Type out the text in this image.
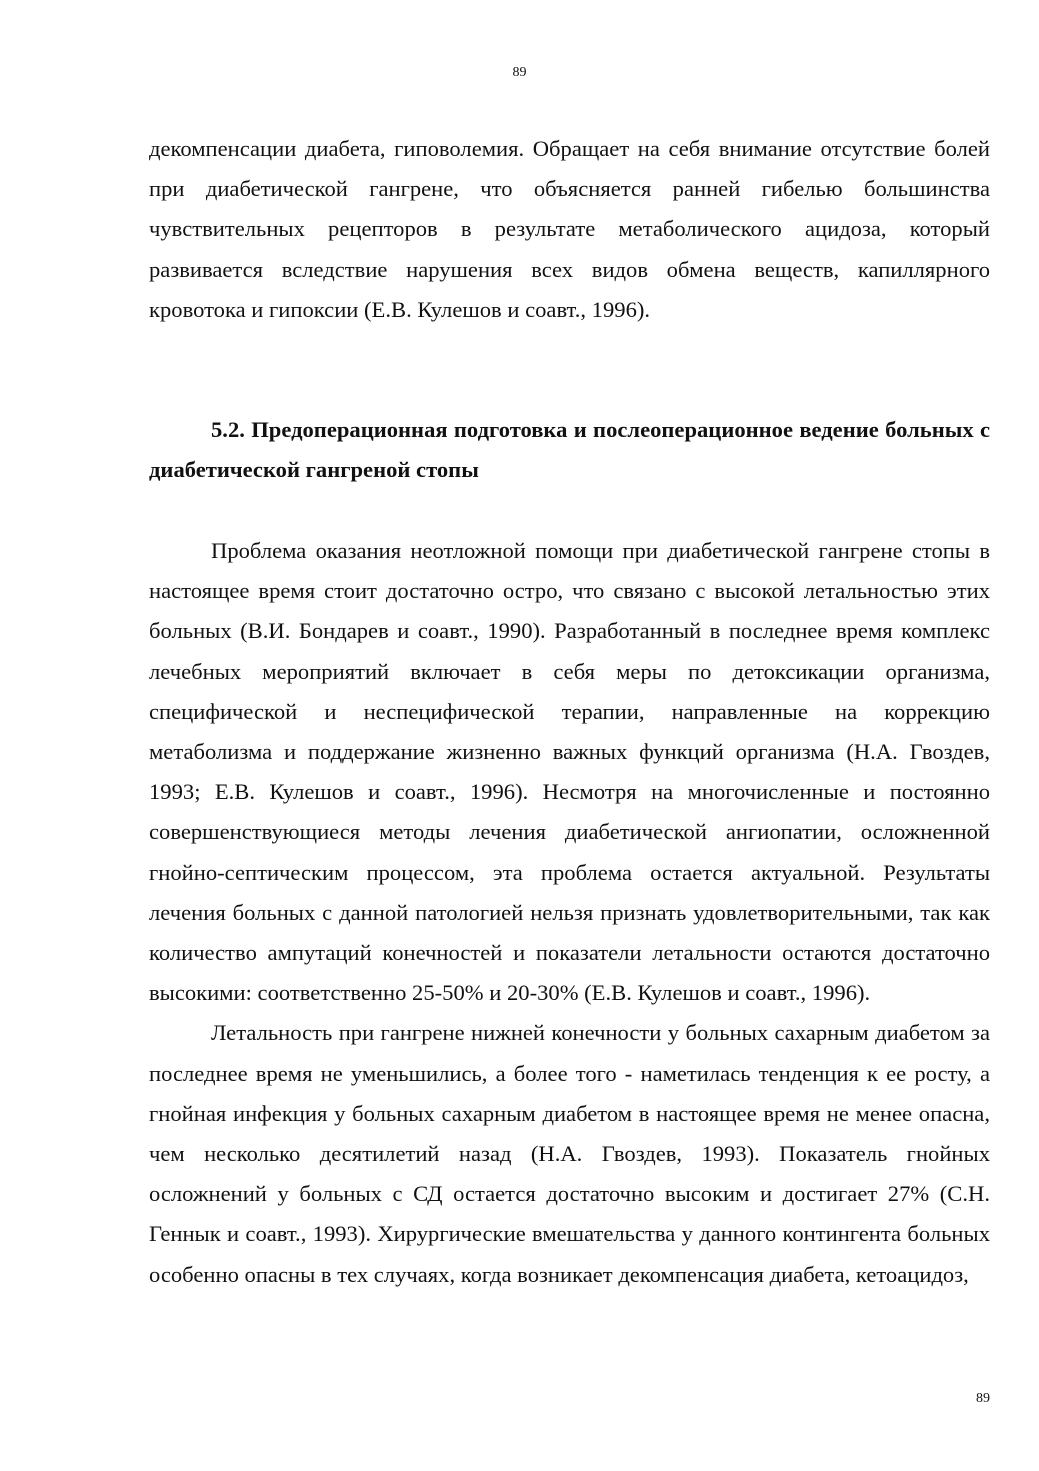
89

декомпенсации диабета, гиповолемия. Обращает на себя внимание отсутствие болей при диабетической гангрене, что объясняется ранней гибелью большинства чувствительных рецепторов в результате метаболического ацидоза, который развивается вследствие нарушения всех видов обмена веществ, капиллярного кровотока и гипоксии (Е.В. Кулешов и соавт., 1996).

5.2. Предоперационная подготовка и послеоперационное ведение больных с диабетической гангреной стопы

Проблема оказания неотложной помощи при диабетической гангрене стопы в настоящее время стоит достаточно остро, что связано с высокой летальностью этих больных (В.И. Бондарев и соавт., 1990). Разработанный в последнее время комплекс лечебных мероприятий включает в себя меры по детоксикации организма, специфической и неспецифической терапии, направленные на коррекцию метаболизма и поддержание жизненно важных функций организма (Н.А. Гвоздев, 1993; Е.В. Кулешов и соавт., 1996). Несмотря на многочисленные и постоянно совершенствующиеся методы лечения диабетической ангиопатии, осложненной гнойно-септическим процессом, эта проблема остается актуальной. Результаты лечения больных с данной патологией нельзя признать удовлетворительными, так как количество ампутаций конечностей и показатели летальности остаются достаточно высокими: соответственно 25-50% и 20-30% (Е.В. Кулешов и соавт., 1996).

Летальность при гангрене нижней конечности у больных сахарным диабетом за последнее время не уменьшились, а более того - наметилась тенденция к ее росту, а гнойная инфекция у больных сахарным диабетом в настоящее время не менее опасна, чем несколько десятилетий назад (Н.А. Гвоздев, 1993). Показатель гнойных осложнений у больных с СД остается достаточно высоким и достигает 27% (С.Н. Геннык и соавт., 1993). Хирургические вмешательства у данного контингента больных особенно опасны в тех случаях, когда возникает декомпенсация диабета, кетоацидоз,

89
